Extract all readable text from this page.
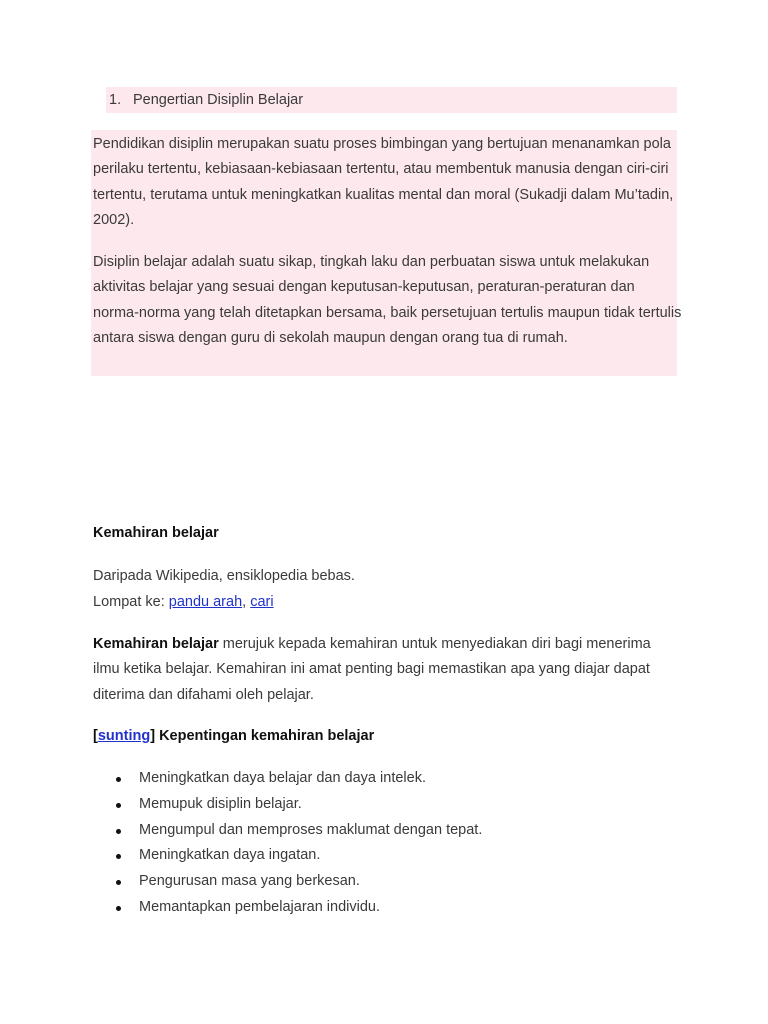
1. Pengertian Disiplin Belajar

Pendidikan disiplin merupakan suatu proses bimbingan yang bertujuan menanamkan pola perilaku tertentu, kebiasaan-kebiasaan tertentu, atau membentuk manusia dengan ciri-ciri tertentu, terutama untuk meningkatkan kualitas mental dan moral (Sukadji dalam Mu’tadin, 2002).

Disiplin belajar adalah suatu sikap, tingkah laku dan perbuatan siswa untuk melakukan aktivitas belajar yang sesuai dengan keputusan-keputusan, peraturan-peraturan dan norma-norma yang telah ditetapkan bersama, baik persetujuan tertulis maupun tidak tertulis antara siswa dengan guru di sekolah maupun dengan orang tua di rumah.

Kemahiran belajar

Daripada Wikipedia, ensiklopedia bebas.
Lompat ke: pandu arah, cari

Kemahiran belajar merujuk kepada kemahiran untuk menyediakan diri bagi menerima ilmu ketika belajar. Kemahiran ini amat penting bagi memastikan apa yang diajar dapat diterima dan difahami oleh pelajar.

[sunting] Kepentingan kemahiran belajar

Meningkatkan daya belajar dan daya intelek.
Memupuk disiplin belajar.
Mengumpul dan memproses maklumat dengan tepat.
Meningkatkan daya ingatan.
Pengurusan masa yang berkesan.
Memantapkan pembelajaran individu.
